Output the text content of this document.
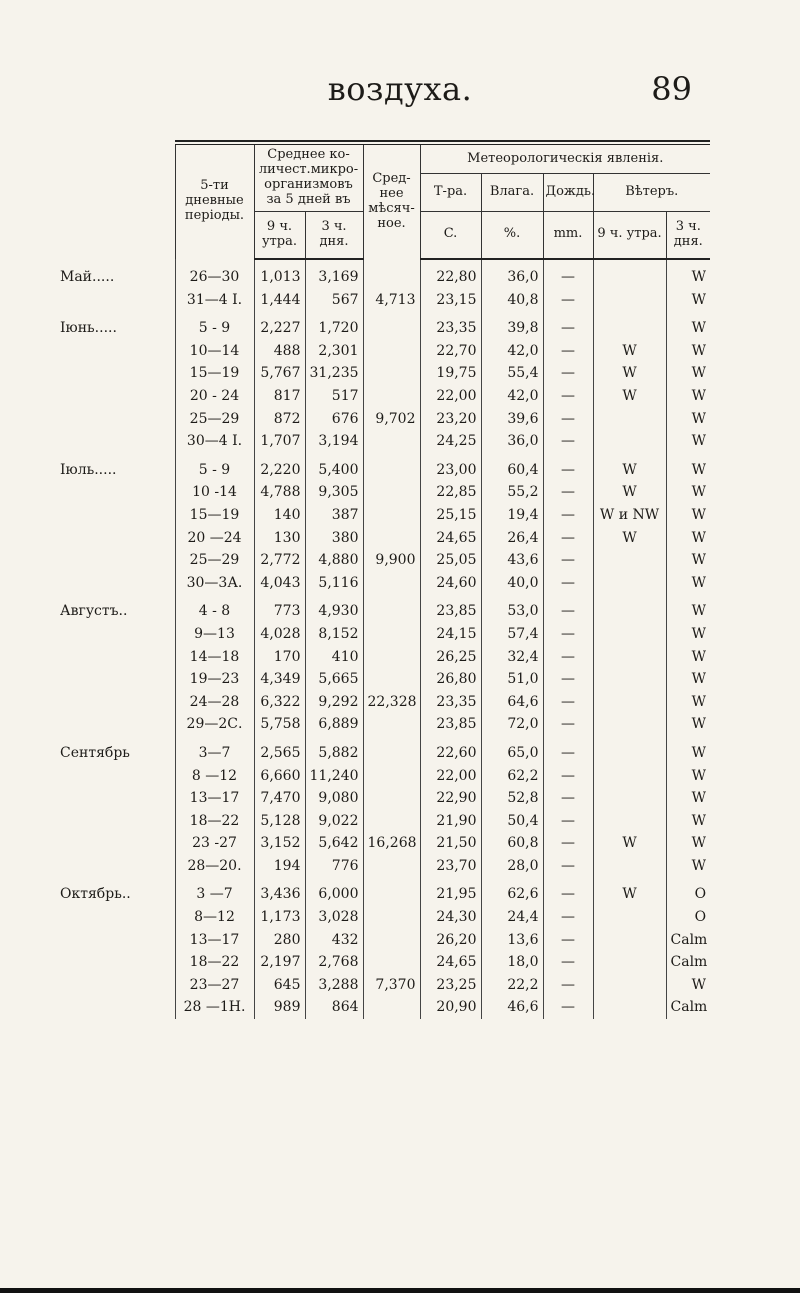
воздуха.	89
	5-ти дневные періоды.	Среднее ко-личест.микро-организмовъ за 5 дней въ		Сред-нее мѣсяч-ное.	Метеорологическія явленія.				
					Т-ра.	Влага.	Дождь.	Вѣтеръ.	
		9 ч. утра.	3 ч. дня.		C.	%.	mm.	9 ч. утра.	3 ч. дня.
Май.....	26—30	1,013	3,169		22,80	36,0	—		W
	31—4 I.	1,444	567	4,713	23,15	40,8	—		W
Іюнь.....	5 - 9	2,227	1,720		23,35	39,8	—		W
	10—14	488	2,301		22,70	42,0	—	W	W
	15—19	5,767	31,235		19,75	55,4	—	W	W
	20 - 24	817	517		22,00	42,0	—	W	W
	25—29	872	676	9,702	23,20	39,6	—		W
	30—4 I.	1,707	3,194		24,25	36,0	—		W
Іюль.....	5 - 9	2,220	5,400		23,00	60,4	—	W	W
	10 -14	4,788	9,305		22,85	55,2	—	W	W
	15—19	140	387		25,15	19,4	—	W и NW	W
	20 —24	130	380		24,65	26,4	—	W	W
	25—29	2,772	4,880	9,900	25,05	43,6	—		W
	30—3А.	4,043	5,116		24,60	40,0	—		W
Августъ..	4 - 8	773	4,930		23,85	53,0	—		W
	9—13	4,028	8,152		24,15	57,4	—		W
	14—18	170	410		26,25	32,4	—		W
	19—23	4,349	5,665		26,80	51,0	—		W
	24—28	6,322	9,292	22,328	23,35	64,6	—		W
	29—2С.	5,758	6,889		23,85	72,0	—		W
Сентябрь	3—7	2,565	5,882		22,60	65,0	—		W
	8 —12	6,660	11,240		22,00	62,2	—		W
	13—17	7,470	9,080		22,90	52,8	—		W
	18—22	5,128	9,022		21,90	50,4	—		W
	23 -27	3,152	5,642	16,268	21,50	60,8	—	W	W
	28—20.	194	776		23,70	28,0	—		W
Октябрь..	3 —7	3,436	6,000		21,95	62,6	—	W	O
	8—12	1,173	3,028		24,30	24,4	—		O
	13—17	280	432		26,20	13,6	—		Calm
	18—22	2,197	2,768		24,65	18,0	—		Calm
	23—27	645	3,288	7,370	23,25	22,2	—		W
	28 —1Н.	989	864		20,90	46,6	—		Calm
